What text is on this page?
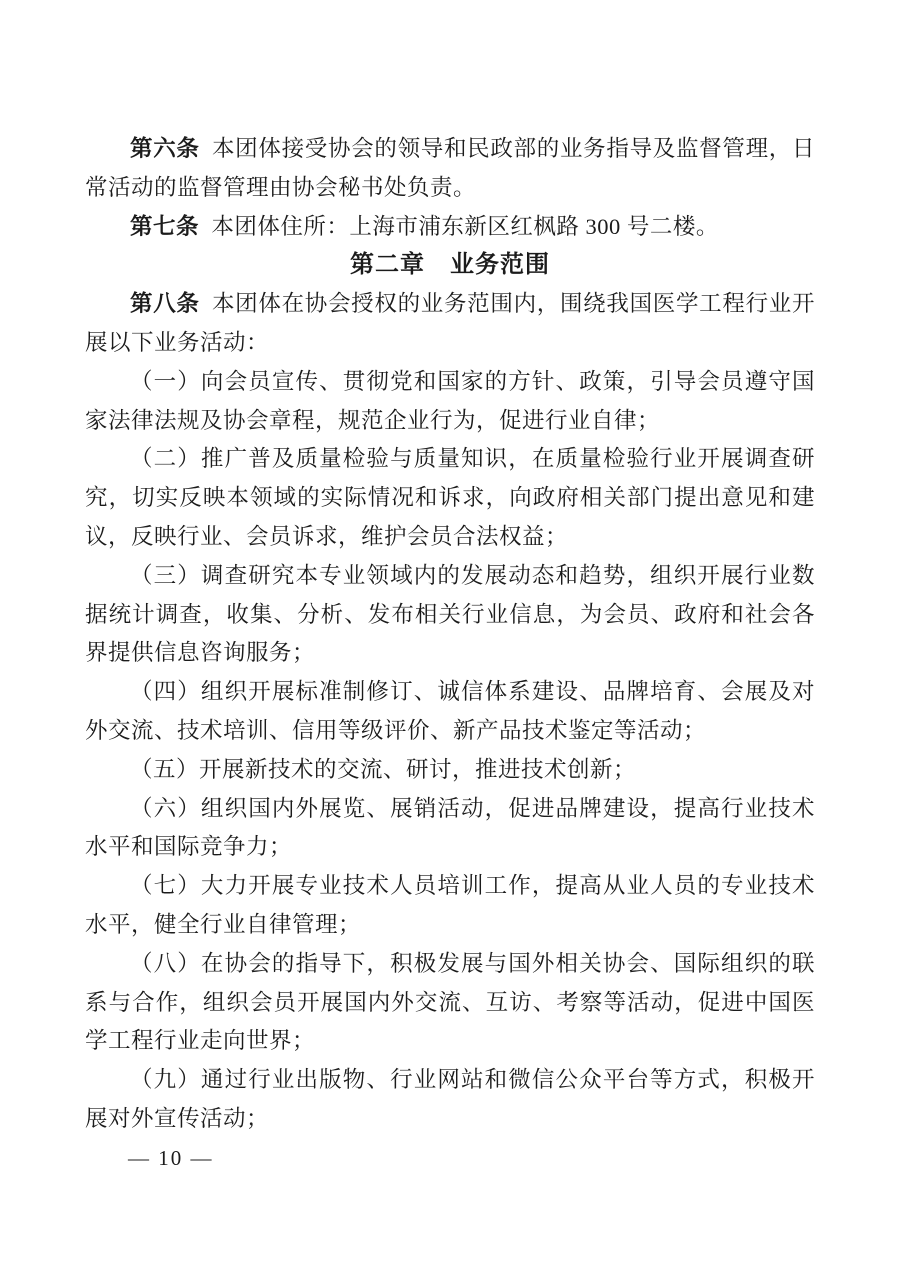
第六条 本团体接受协会的领导和民政部的业务指导及监督管理，日常活动的监督管理由协会秘书处负责。

第七条 本团体住所：上海市浦东新区红枫路 300 号二楼。

第二章　业务范围

第八条 本团体在协会授权的业务范围内，围绕我国医学工程行业开展以下业务活动：

（一）向会员宣传、贯彻党和国家的方针、政策，引导会员遵守国家法律法规及协会章程，规范企业行为，促进行业自律；

（二）推广普及质量检验与质量知识，在质量检验行业开展调查研究，切实反映本领域的实际情况和诉求，向政府相关部门提出意见和建议，反映行业、会员诉求，维护会员合法权益；

（三）调查研究本专业领域内的发展动态和趋势，组织开展行业数据统计调查，收集、分析、发布相关行业信息，为会员、政府和社会各界提供信息咨询服务；

（四）组织开展标准制修订、诚信体系建设、品牌培育、会展及对外交流、技术培训、信用等级评价、新产品技术鉴定等活动；

（五）开展新技术的交流、研讨，推进技术创新；

（六）组织国内外展览、展销活动，促进品牌建设，提高行业技术水平和国际竞争力；

（七）大力开展专业技术人员培训工作，提高从业人员的专业技术水平，健全行业自律管理；

（八）在协会的指导下，积极发展与国外相关协会、国际组织的联系与合作，组织会员开展国内外交流、互访、考察等活动，促进中国医学工程行业走向世界；

（九）通过行业出版物、行业网站和微信公众平台等方式，积极开展对外宣传活动；

— 10 —
